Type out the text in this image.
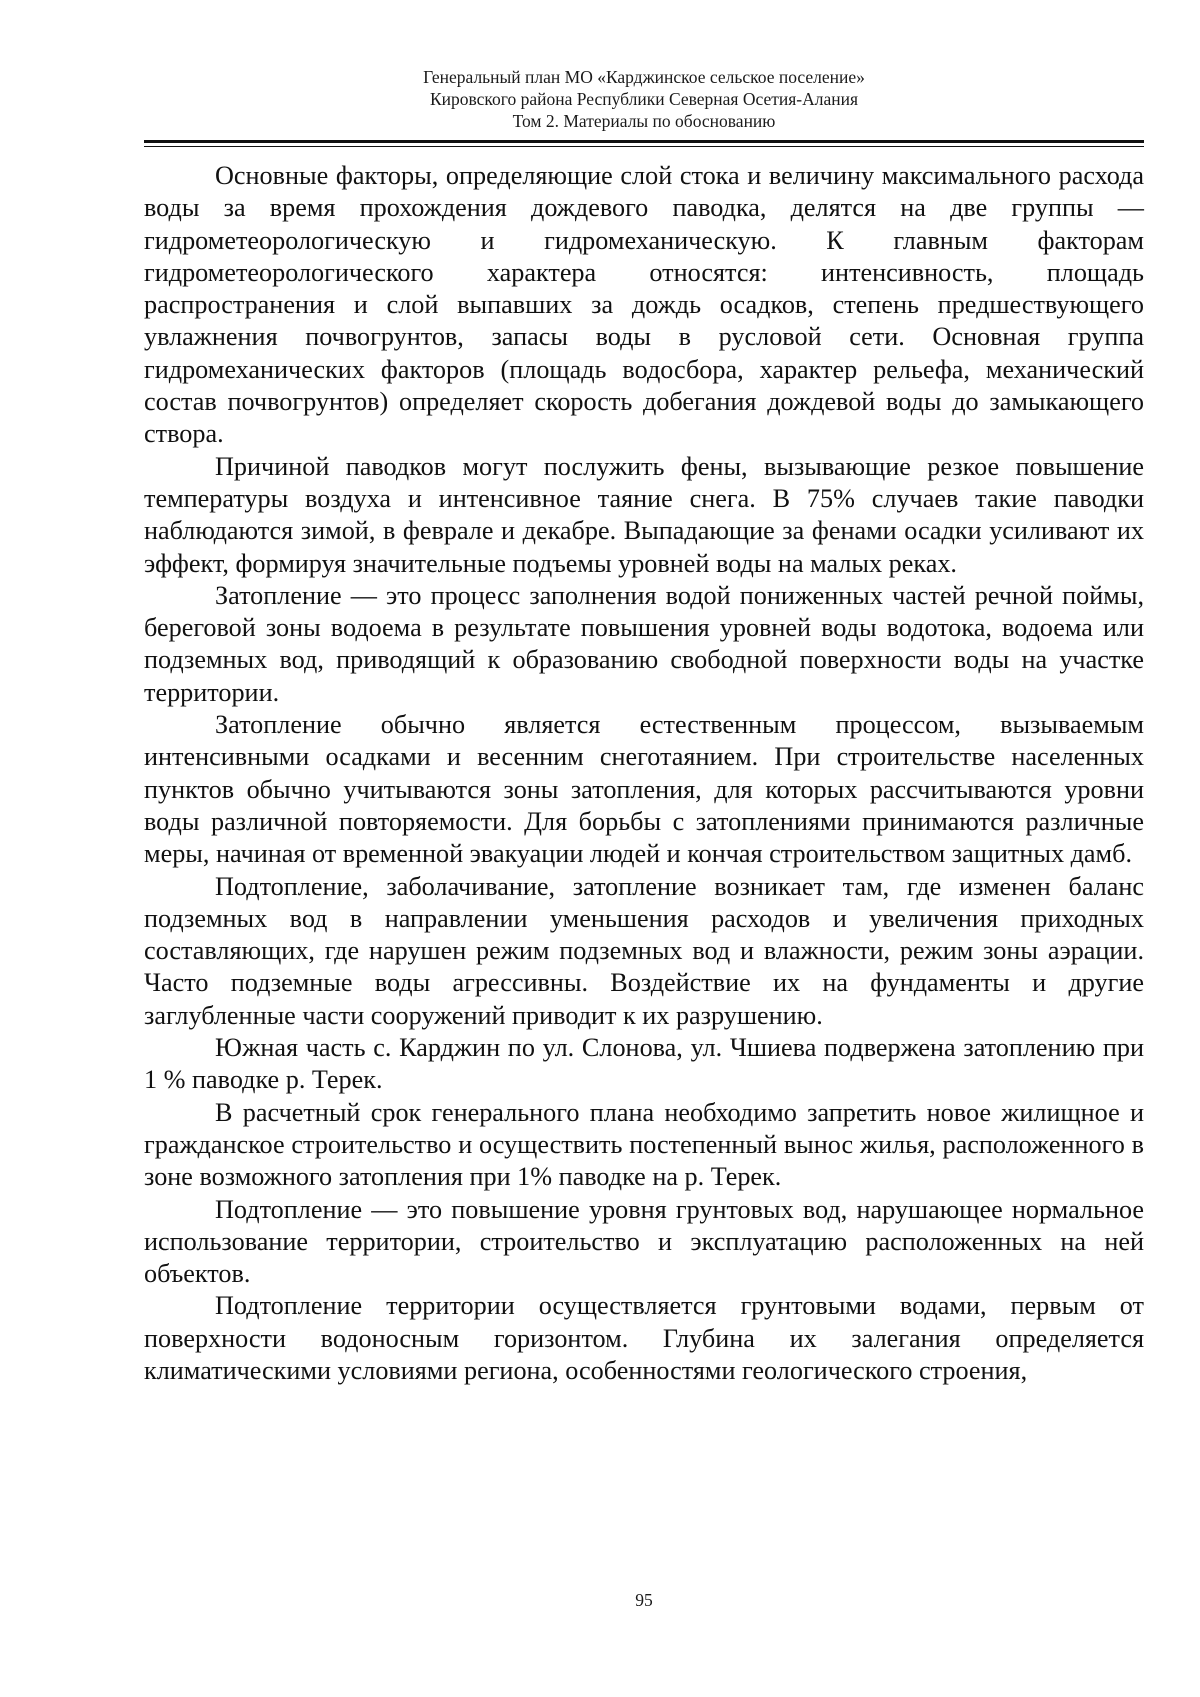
Генеральный план МО «Карджинское сельское поселение»
Кировского района Республики Северная Осетия-Алания
Том 2. Материалы по обоснованию

Основные факторы, определяющие слой стока и величину максимального расхода воды за время прохождения дождевого паводка, делятся на две группы — гидрометеорологическую и гидромеханическую. К главным факторам гидрометеорологического характера относятся: интенсивность, площадь распространения и слой выпавших за дождь осадков, степень предшествующего увлажнения почвогрунтов, запасы воды в русловой сети. Основная группа гидромеханических факторов (площадь водосбора, характер рельефа, механический состав почвогрунтов) определяет скорость добегания дождевой воды до замыкающего створа.

Причиной паводков могут послужить фены, вызывающие резкое повышение температуры воздуха и интенсивное таяние снега. В 75% случаев такие паводки наблюдаются зимой, в феврале и декабре. Выпадающие за фенами осадки усиливают их эффект, формируя значительные подъемы уровней воды на малых реках.

Затопление — это процесс заполнения водой пониженных частей речной поймы, береговой зоны водоема в результате повышения уровней воды водотока, водоема или подземных вод, приводящий к образованию свободной поверхности воды на участке территории.

Затопление обычно является естественным процессом, вызываемым интенсивными осадками и весенним снеготаянием. При строительстве населенных пунктов обычно учитываются зоны затопления, для которых рассчитываются уровни воды различной повторяемости. Для борьбы с затоплениями принимаются различные меры, начиная от временной эвакуации людей и кончая строительством защитных дамб.

Подтопление, заболачивание, затопление возникает там, где изменен баланс подземных вод в направлении уменьшения расходов и увеличения приходных составляющих, где нарушен режим подземных вод и влажности, режим зоны аэрации. Часто подземные воды агрессивны. Воздействие их на фундаменты и другие заглубленные части сооружений приводит к их разрушению.

Южная часть с. Карджин по ул. Слонова, ул. Чшиева подвержена затоплению при 1 % паводке р. Терек.

В расчетный срок генерального плана необходимо запретить новое жилищное и гражданское строительство и осуществить постепенный вынос жилья, расположенного в зоне возможного затопления при 1% паводке на р. Терек.

Подтопление — это повышение уровня грунтовых вод, нарушающее нормальное использование территории, строительство и эксплуатацию расположенных на ней объектов.

Подтопление территории осуществляется грунтовыми водами, первым от поверхности водоносным горизонтом. Глубина их залегания определяется климатическими условиями региона, особенностями геологического строения,

95
